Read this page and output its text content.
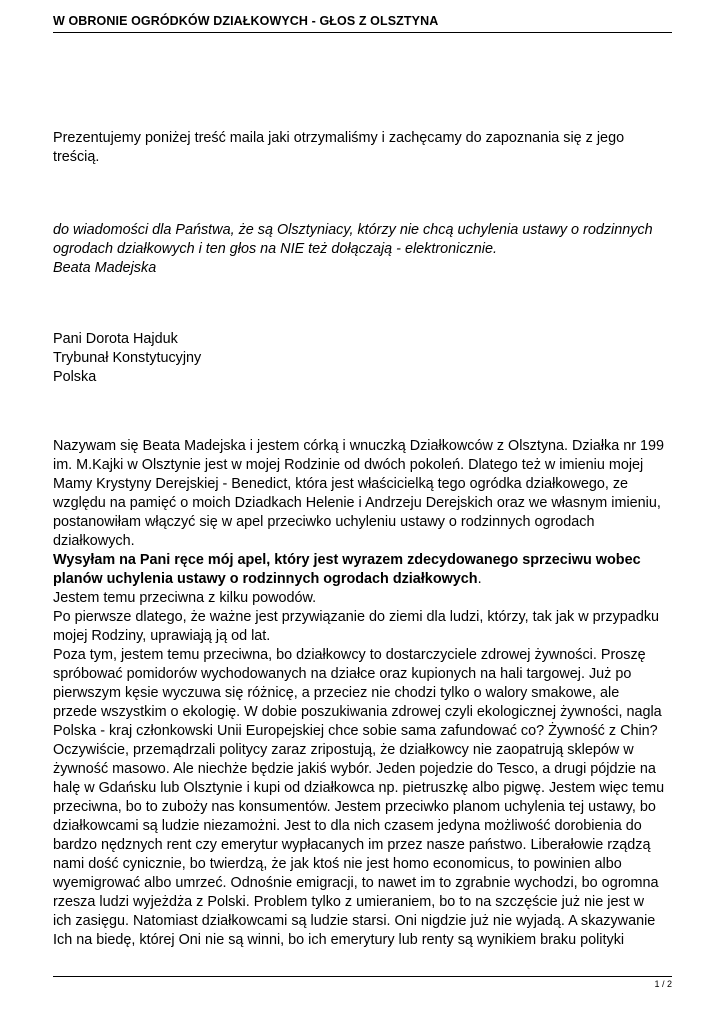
W OBRONIE OGRÓDKÓW DZIAŁKOWYCH - GŁOS Z OLSZTYNA
Prezentujemy poniżej treść maila jaki otrzymaliśmy i zachęcamy do zapoznania się z jego
treścią.
do wiadomości dla Państwa, że są Olsztyniacy, którzy nie chcą uchylenia ustawy o rodzinnych
ogrodach działkowych i ten głos na NIE też dołączają - elektronicznie.
Beata Madejska
Pani Dorota Hajduk
Trybunał Konstytucyjny
Polska

Nazywam się Beata Madejska i jestem córką i wnuczką Działkowców z Olsztyna. Działka nr 199
im. M.Kajki w Olsztynie jest w mojej Rodzinie od dwóch pokoleń. Dlatego też w imieniu mojej
Mamy Krystyny Derejskiej - Benedict, która jest właścicielką tego ogródka działkowego, ze
względu na pamięć o moich Dziadkach Helenie i Andrzeju Derejskich oraz we własnym imieniu,
postanowiłam włączyć się w apel przeciwko uchyleniu ustawy o rodzinnych ogrodach
działkowych.

Wysyłam na Pani ręce mój apel, który jest wyrazem zdecydowanego sprzeciwu wobec
planów uchylenia ustawy o rodzinnych ogrodach działkowych.

Jestem temu przeciwna z kilku powodów.
Po pierwsze dlatego, że ważne jest przywiązanie do ziemi dla ludzi, którzy, tak jak w przypadku
mojej Rodziny, uprawiają ją od lat.
Poza tym, jestem temu przeciwna, bo działkowcy to dostarczyciele zdrowej żywności. Proszę
spróbować pomidorów wychodowanych na działce oraz kupionych na hali targowej. Już po
pierwszym kęsie wyczuwa się różnicę, a przeciez nie chodzi tylko o walory smakowe, ale
przede wszystkim o ekologię. W dobie poszukiwania zdrowej czyli ekologicznej żywności, nagla
Polska - kraj członkowski Unii Europejskiej chce sobie sama zafundować co? Żywność z Chin?
Oczywiście, przemądrzali politycy zaraz zripostują, że działkowcy nie zaopatrują sklepów w
żywność masowo. Ale niechże będzie jakiś wybór. Jeden pojedzie do Tesco, a drugi pójdzie na
halę w Gdańsku lub Olsztynie i kupi od działkowca np. pietruszkę albo pigwę. Jestem więc temu
przeciwna, bo to zuboży nas konsumentów. Jestem przeciwko planom uchylenia tej ustawy, bo
działkowcami są ludzie niezamożni. Jest to dla nich czasem jedyna możliwość dorobienia do
bardzo nędznych rent czy emerytur wypłacanych im przez nasze państwo. Liberałowie rządzą
nami dość cynicznie, bo twierdzą, że jak ktoś nie jest homo economicus, to powinien albo
wyemigrować albo umrzeć. Odnośnie emigracji, to nawet im to zgrabnie wychodzi, bo ogromna
rzesza ludzi wyjeżdża z Polski. Problem tylko z umieraniem, bo to na szczęście już nie jest w
ich zasięgu. Natomiast działkowcami są ludzie starsi. Oni nigdzie już nie wyjadą. A skazywanie
Ich na biedę, której Oni nie są winni, bo ich emerytury lub renty są wynikiem braku polityki

1 / 2
